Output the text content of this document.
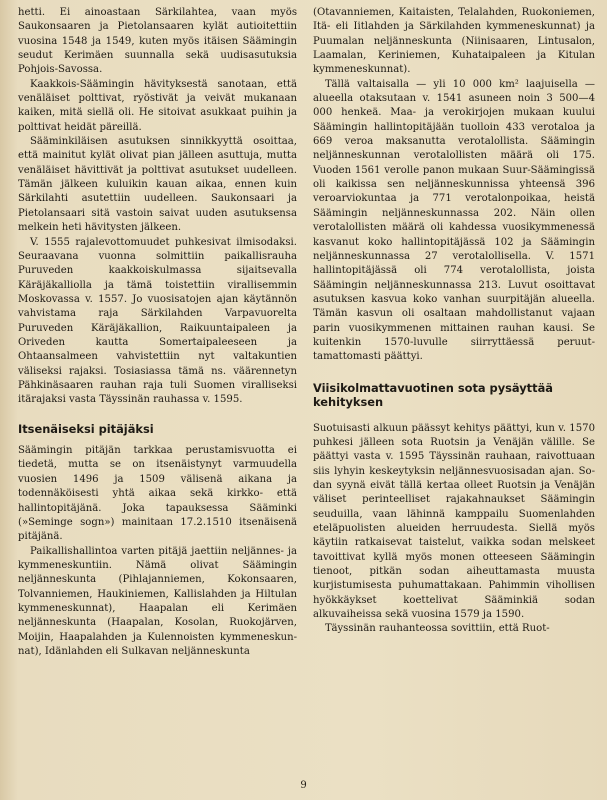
hetti. Ei ainoastaan Särkilahtea, vaan myös Saukonsaaren ja Pietolansaaren kylät autioitettiin vuosina 1548 ja 1549, kuten myös itäisen Säämingin seudut Kerimäen suunnalla sekä uudisasutuksia Pohjois-Savossa.

Kaakkois-Säämingin hävityksestä sanotaan, että venäläiset polttivat, ryöstivät ja veivät mukanaan kaiken, mitä siellä oli. He sitoivat asukkaat puihin ja polttivat heidät päreillä.

Sääminkiläisen asutuksen sinnikkyyttä osoittaa, että mainitut kylät olivat pian jälleen asuttuja, mutta venäläiset hävittivät ja polttivat asutukset uudelleen. Tämän jälkeen kuluikin kauan aikaa, ennen kuin Särkilahti asutettiin uudelleen. Saukonsaari ja Pietolansaari sitä vastoin saivat uuden asutuksensa melkein heti hävitysten jälkeen.

V. 1555 rajalevottomuudet puhkesivat ilmisodaksi. Seuraavana vuonna solmittiin paikallisrauha Puruveden kaakkoiskulmassa sijaitsevalla Käräjäkalliolla ja tämä toistettiin virallisemmin Moskovassa v. 1557. Jo vuosisatojen ajan käytännön vahvistama raja Särkilahden Varpavuorelta Puruveden Käräjäkallion, Raikuuntaipaleen ja Oriveden kautta Somertaipaleeseen ja Ohtaansalmeen vahvistettiin nyt valtakuntien väliseksi rajaksi. Tosiasiassa tämä ns. väärennetyn Pähkinäsaaren rauhan raja tuli Suomen viralliseksi itärajaksi vasta Täyssinän rauhassa v. 1595.

Itsenäiseksi pitäjäksi

Säämingin pitäjän tarkkaa perustamisvuotta ei tiedetä, mutta se on itsenäistynyt varmuudella vuosien 1496 ja 1509 välisenä aikana ja todennäköisesti yhtä aikaa sekä kirkko- että hallintopitäjänä. Joka tapauksessa Sääminki (»Seminge sogn») mainitaan 17.2.1510 itsenäisenä pitäjänä.

Paikallishallintoa varten pitäjä jaettiin neljännes- ja kymmeneskuntiin. Nämä olivat Säämingin neljänneskunta (Pihlajanniemen, Kokonsaaren, Tolvanniemen, Haukiniemen, Kallislahden ja Hiltulan kymmeneskunnat), Haapalan eli Kerimäen neljänneskunta (Haapalan, Kosolan, Ruokojärven, Moijin, Haapalahden ja Kulennoisten kymmeneskunnat), Idänlahden eli Sulkavan neljänneskunta

(Otavanniemen, Kaitaisten, Telalahden, Ruokoniemen, Itä- eli Iitlahden ja Särkilahden kymmeneskunnat) ja Puumalan neljänneskunta (Niinisaaren, Lintusalon, Laamalan, Keriniemen, Kuhataipaleen ja Kitulan kymmeneskunnat).

Tällä valtaisalla — yli 10 000 km² laajuisella — alueella otaksutaan v. 1541 asuneen noin 3 500—4 000 henkeä. Maa- ja verokirjojen mukaan kuului Säämingin hallintopitäjään tuolloin 433 verotaloa ja 669 veroa maksanutta verotalollista. Säämingin neljänneskunnan verotalollisten määrä oli 175. Vuoden 1561 verolle panon mukaan Suur-Säämingissä oli kaikissa sen neljänneskunnissa yhteensä 396 veroarviokuntaa ja 771 verotalonpoikaa, heistä Säämingin neljänneskunnassa 202. Näin ollen verotalollisten määrä oli kahdessa vuosikymmenessä kasvanut koko hallintopitäjässä 102 ja Säämingin neljänneskunnassa 27 verotalollisella. V. 1571 hallintopitäjässä oli 774 verotalollista, joista Säämingin neljänneskunnassa 213. Luvut osoittavat asutuksen kasvua koko vanhan suurpitäjän alueella. Tämän kasvun oli osaltaan mahdollistanut vajaan parin vuosikymmenen mittainen rauhan kausi. Se kuitenkin 1570-luvulle siirryttäessä peruuttamattomasti päättyi.

Viisikolmattavuotinen sota pysäyttää kehityksen

Suotuisasti alkuun päässyt kehitys päättyi, kun v. 1570 puhkesi jälleen sota Ruotsin ja Venäjän välille. Se päättyi vasta v. 1595 Täyssinän rauhaan, raivottuaan siis lyhyin keskeytyksin neljännesvuosisadan ajan. Sodan syynä eivät tällä kertaa olleet Ruotsin ja Venäjän väliset perinteelliset rajakahnaukset Säämingin seuduilla, vaan lähinnä kamppailu Suomenlahden eteläpuolisten alueiden herruudesta. Siellä myös käytiin ratkaisevat taistelut, vaikka sodan melskeet tavoittivat kyllä myös monen otteeseen Säämingin tienoot, pitkän sodan aiheuttamasta muusta kurjistumisesta puhumattakaan. Pahimmin vihollisen hyökkäykset koettelivat Sääminkiä sodan alkuvaiheissa sekä vuosina 1579 ja 1590.

Täyssinän rauhanteossa sovittiin, että Ruot-

9
